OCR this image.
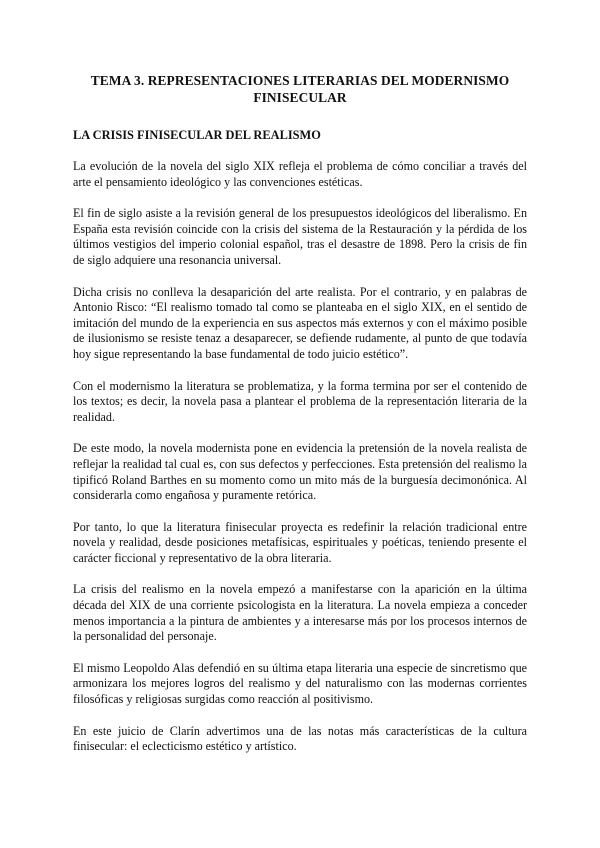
TEMA 3. REPRESENTACIONES LITERARIAS DEL MODERNISMO FINISECULAR
LA CRISIS FINISECULAR DEL REALISMO

La evolución de la novela del siglo XIX refleja el problema de cómo conciliar a través del arte el pensamiento ideológico y las convenciones estéticas.

El fin de siglo asiste a la revisión general de los presupuestos ideológicos del liberalismo. En España esta revisión coincide con la crisis del sistema de la Restauración y la pérdida de los últimos vestigios del imperio colonial español, tras el desastre de 1898. Pero la crisis de fin de siglo adquiere una resonancia universal.

Dicha crisis no conlleva la desaparición del arte realista. Por el contrario, y en palabras de Antonio Risco: “El realismo tomado tal como se planteaba en el siglo XIX, en el sentido de imitación del mundo de la experiencia en sus aspectos más externos y con el máximo posible de ilusionismo se resiste tenaz a desaparecer, se defiende rudamente, al punto de que todavía hoy sigue representando la base fundamental de todo juicio estético”.

Con el modernismo la literatura se problematiza, y la forma termina por ser el contenido de los textos; es decir, la novela pasa a plantear el problema de la representación literaria de la realidad.

De este modo, la novela modernista pone en evidencia la pretensión de la novela realista de reflejar la realidad tal cual es, con sus defectos y perfecciones. Esta pretensión del realismo la tipificó Roland Barthes en su momento como un mito más de la burguesía decimonónica. Al considerarla como engañosa y puramente retórica.

Por tanto, lo que la literatura finisecular proyecta es redefinir la relación tradicional entre novela y realidad, desde posiciones metafísicas, espirituales y poéticas, teniendo presente el carácter ficcional y representativo de la obra literaria.

La crisis del realismo en la novela empezó a manifestarse con la aparición en la última década del XIX de una corriente psicologista en la literatura. La novela empieza a conceder menos importancia a la pintura de ambientes y a interesarse más por los procesos internos de la personalidad del personaje.

El mismo Leopoldo Alas defendió en su última etapa literaria una especie de sincretismo que armonizara los mejores logros del realismo y del naturalismo con las modernas corrientes filosóficas y religiosas surgidas como reacción al positivismo.

En este juicio de Clarín advertimos una de las notas más características de la cultura finisecular: el eclecticismo estético y artístico.
